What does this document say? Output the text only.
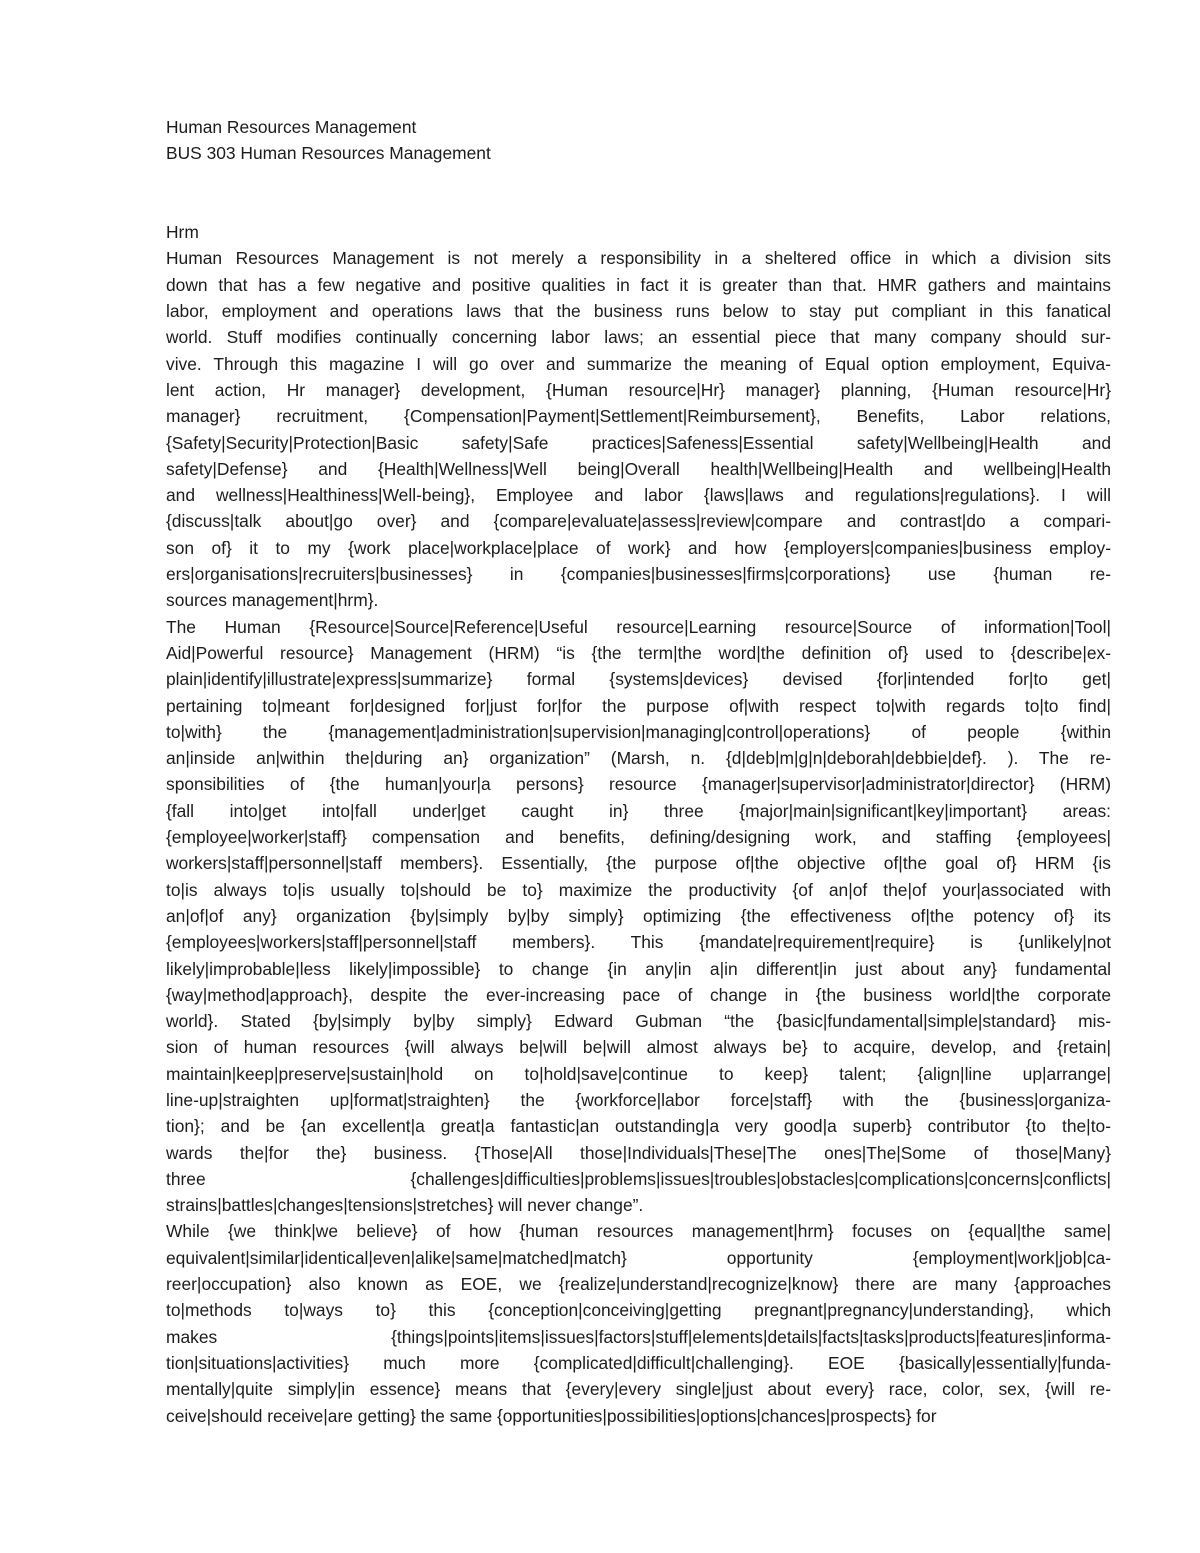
Human Resources Management
BUS 303 Human Resources Management
Hrm
Human Resources Management is not merely a responsibility in a sheltered office in which a division sits
down that has a few negative and positive qualities in fact it is greater than that. HMR gathers and maintains
labor, employment and operations laws that the business runs below to stay put compliant in this fanatical
world. Stuff modifies continually concerning labor laws; an essential piece that many company should sur-
vive. Through this magazine I will go over and summarize the meaning of Equal option employment, Equiva-
lent action, Hr manager} development, {Human resource|Hr} manager} planning, {Human resource|Hr}
manager} recruitment, {Compensation|Payment|Settlement|Reimbursement}, Benefits, Labor relations,
{Safety|Security|Protection|Basic safety|Safe practices|Safeness|Essential safety|Wellbeing|Health and
safety|Defense} and {Health|Wellness|Well being|Overall health|Wellbeing|Health and wellbeing|Health
and wellness|Healthiness|Well-being}, Employee and labor {laws|laws and regulations|regulations}. I will
{discuss|talk about|go over} and {compare|evaluate|assess|review|compare and contrast|do a compari-
son of} it to my {work place|workplace|place of work} and how {employers|companies|business employ-
ers|organisations|recruiters|businesses} in {companies|businesses|firms|corporations} use {human re-
sources management|hrm}.
The Human {Resource|Source|Reference|Useful resource|Learning resource|Source of information|Tool|
Aid|Powerful resource} Management (HRM) “is {the term|the word|the definition of} used to {describe|ex-
plain|identify|illustrate|express|summarize} formal {systems|devices} devised {for|intended for|to get|
pertaining to|meant for|designed for|just for|for the purpose of|with respect to|with regards to|to find|
to|with} the {management|administration|supervision|managing|control|operations} of people {within
an|inside an|within the|during an} organization” (Marsh, n. {d|deb|m|g|n|deborah|debbie|def}. ). The re-
sponsibilities of {the human|your|a persons} resource {manager|supervisor|administrator|director} (HRM)
{fall into|get into|fall under|get caught in} three {major|main|significant|key|important} areas:
{employee|worker|staff} compensation and benefits, defining/designing work, and staffing {employees|
workers|staff|personnel|staff members}. Essentially, {the purpose of|the objective of|the goal of} HRM {is
to|is always to|is usually to|should be to} maximize the productivity {of an|of the|of your|associated with
an|of|of any} organization {by|simply by|by simply} optimizing {the effectiveness of|the potency of} its
{employees|workers|staff|personnel|staff members}. This {mandate|requirement|require} is {unlikely|not
likely|improbable|less likely|impossible} to change {in any|in a|in different|in just about any} fundamental
{way|method|approach}, despite the ever-increasing pace of change in {the business world|the corporate
world}. Stated {by|simply by|by simply} Edward Gubman “the {basic|fundamental|simple|standard} mis-
sion of human resources {will always be|will be|will almost always be} to acquire, develop, and {retain|
maintain|keep|preserve|sustain|hold on to|hold|save|continue to keep} talent; {align|line up|arrange|
line-up|straighten up|format|straighten} the {workforce|labor force|staff} with the {business|organiza-
tion}; and be {an excellent|a great|a fantastic|an outstanding|a very good|a superb} contributor {to the|to-
wards the|for the} business. {Those|All those|Individuals|These|The ones|The|Some of those|Many}
three {challenges|difficulties|problems|issues|troubles|obstacles|complications|concerns|conflicts|
strains|battles|changes|tensions|stretches} will never change”.
While {we think|we believe} of how {human resources management|hrm} focuses on {equal|the same|
equivalent|similar|identical|even|alike|same|matched|match} opportunity {employment|work|job|ca-
reer|occupation} also known as EOE, we {realize|understand|recognize|know} there are many {approaches
to|methods to|ways to} this {conception|conceiving|getting pregnant|pregnancy|understanding}, which
makes {things|points|items|issues|factors|stuff|elements|details|facts|tasks|products|features|informa-
tion|situations|activities} much more {complicated|difficult|challenging}. EOE {basically|essentially|funda-
mentally|quite simply|in essence} means that {every|every single|just about every} race, color, sex, {will re-
ceive|should receive|are getting} the same {opportunities|possibilities|options|chances|prospects} for
